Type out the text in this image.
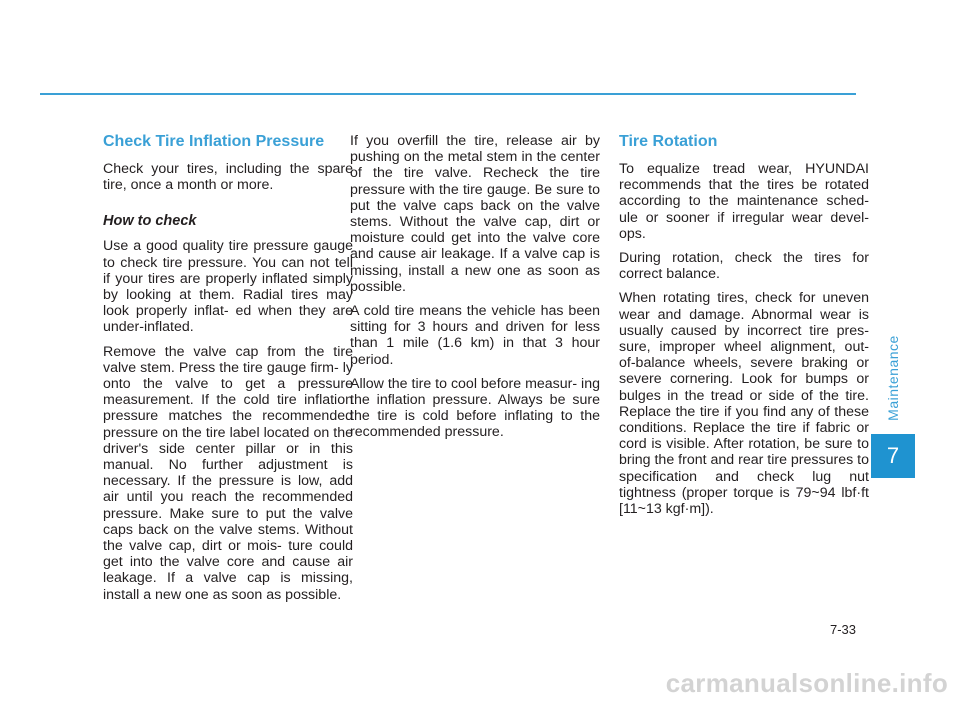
Check Tire Inflation Pressure

Check your tires, including the spare tire, once a month or more.

How to check

Use a good quality tire pressure gauge to check tire pressure. You can not tell if your tires are properly inflated simply by looking at them. Radial tires may look properly inflat- ed when they are under-inflated.

Remove the valve cap from the tire valve stem. Press the tire gauge firm- ly onto the valve to get a pressure measurement. If the cold tire inflation pressure matches the recommended pressure on the tire label located on the driver's side center pillar or in this manual. No further adjustment is necessary. If the pressure is low, add air until you reach the recommended pressure. Make sure to put the valve caps back on the valve stems. Without the valve cap, dirt or mois- ture could get into the valve core and cause air leakage. If a valve cap is missing, install a new one as soon as possible.

If you overfill the tire, release air by pushing on the metal stem in the center of the tire valve. Recheck the tire pressure with the tire gauge. Be sure to put the valve caps back on the valve stems. Without the valve cap, dirt or moisture could get into the valve core and cause air leakage. If a valve cap is missing, install a new one as soon as possible.

A cold tire means the vehicle has been sitting for 3 hours and driven for less than 1 mile (1.6 km) in that 3 hour period.

Allow the tire to cool before measur- ing the inflation pressure. Always be sure the tire is cold before inflating to the recommended pressure.

Tire Rotation

To equalize tread wear, HYUNDAI recommends that the tires be rotated according to the maintenance sched- ule or sooner if irregular wear devel- ops.

During rotation, check the tires for correct balance.

When rotating tires, check for uneven wear and damage. Abnormal wear is usually caused by incorrect tire pres- sure, improper wheel alignment, out- of-balance wheels, severe braking or severe cornering. Look for bumps or bulges in the tread or side of the tire. Replace the tire if you find any of these conditions. Replace the tire if fabric or cord is visible. After rotation, be sure to bring the front and rear tire pressures to specification and check lug nut tightness (proper torque is 79~94 lbf·ft [11~13 kgf·m]).

Maintenance
7
7-33
carmanualsonline.info
